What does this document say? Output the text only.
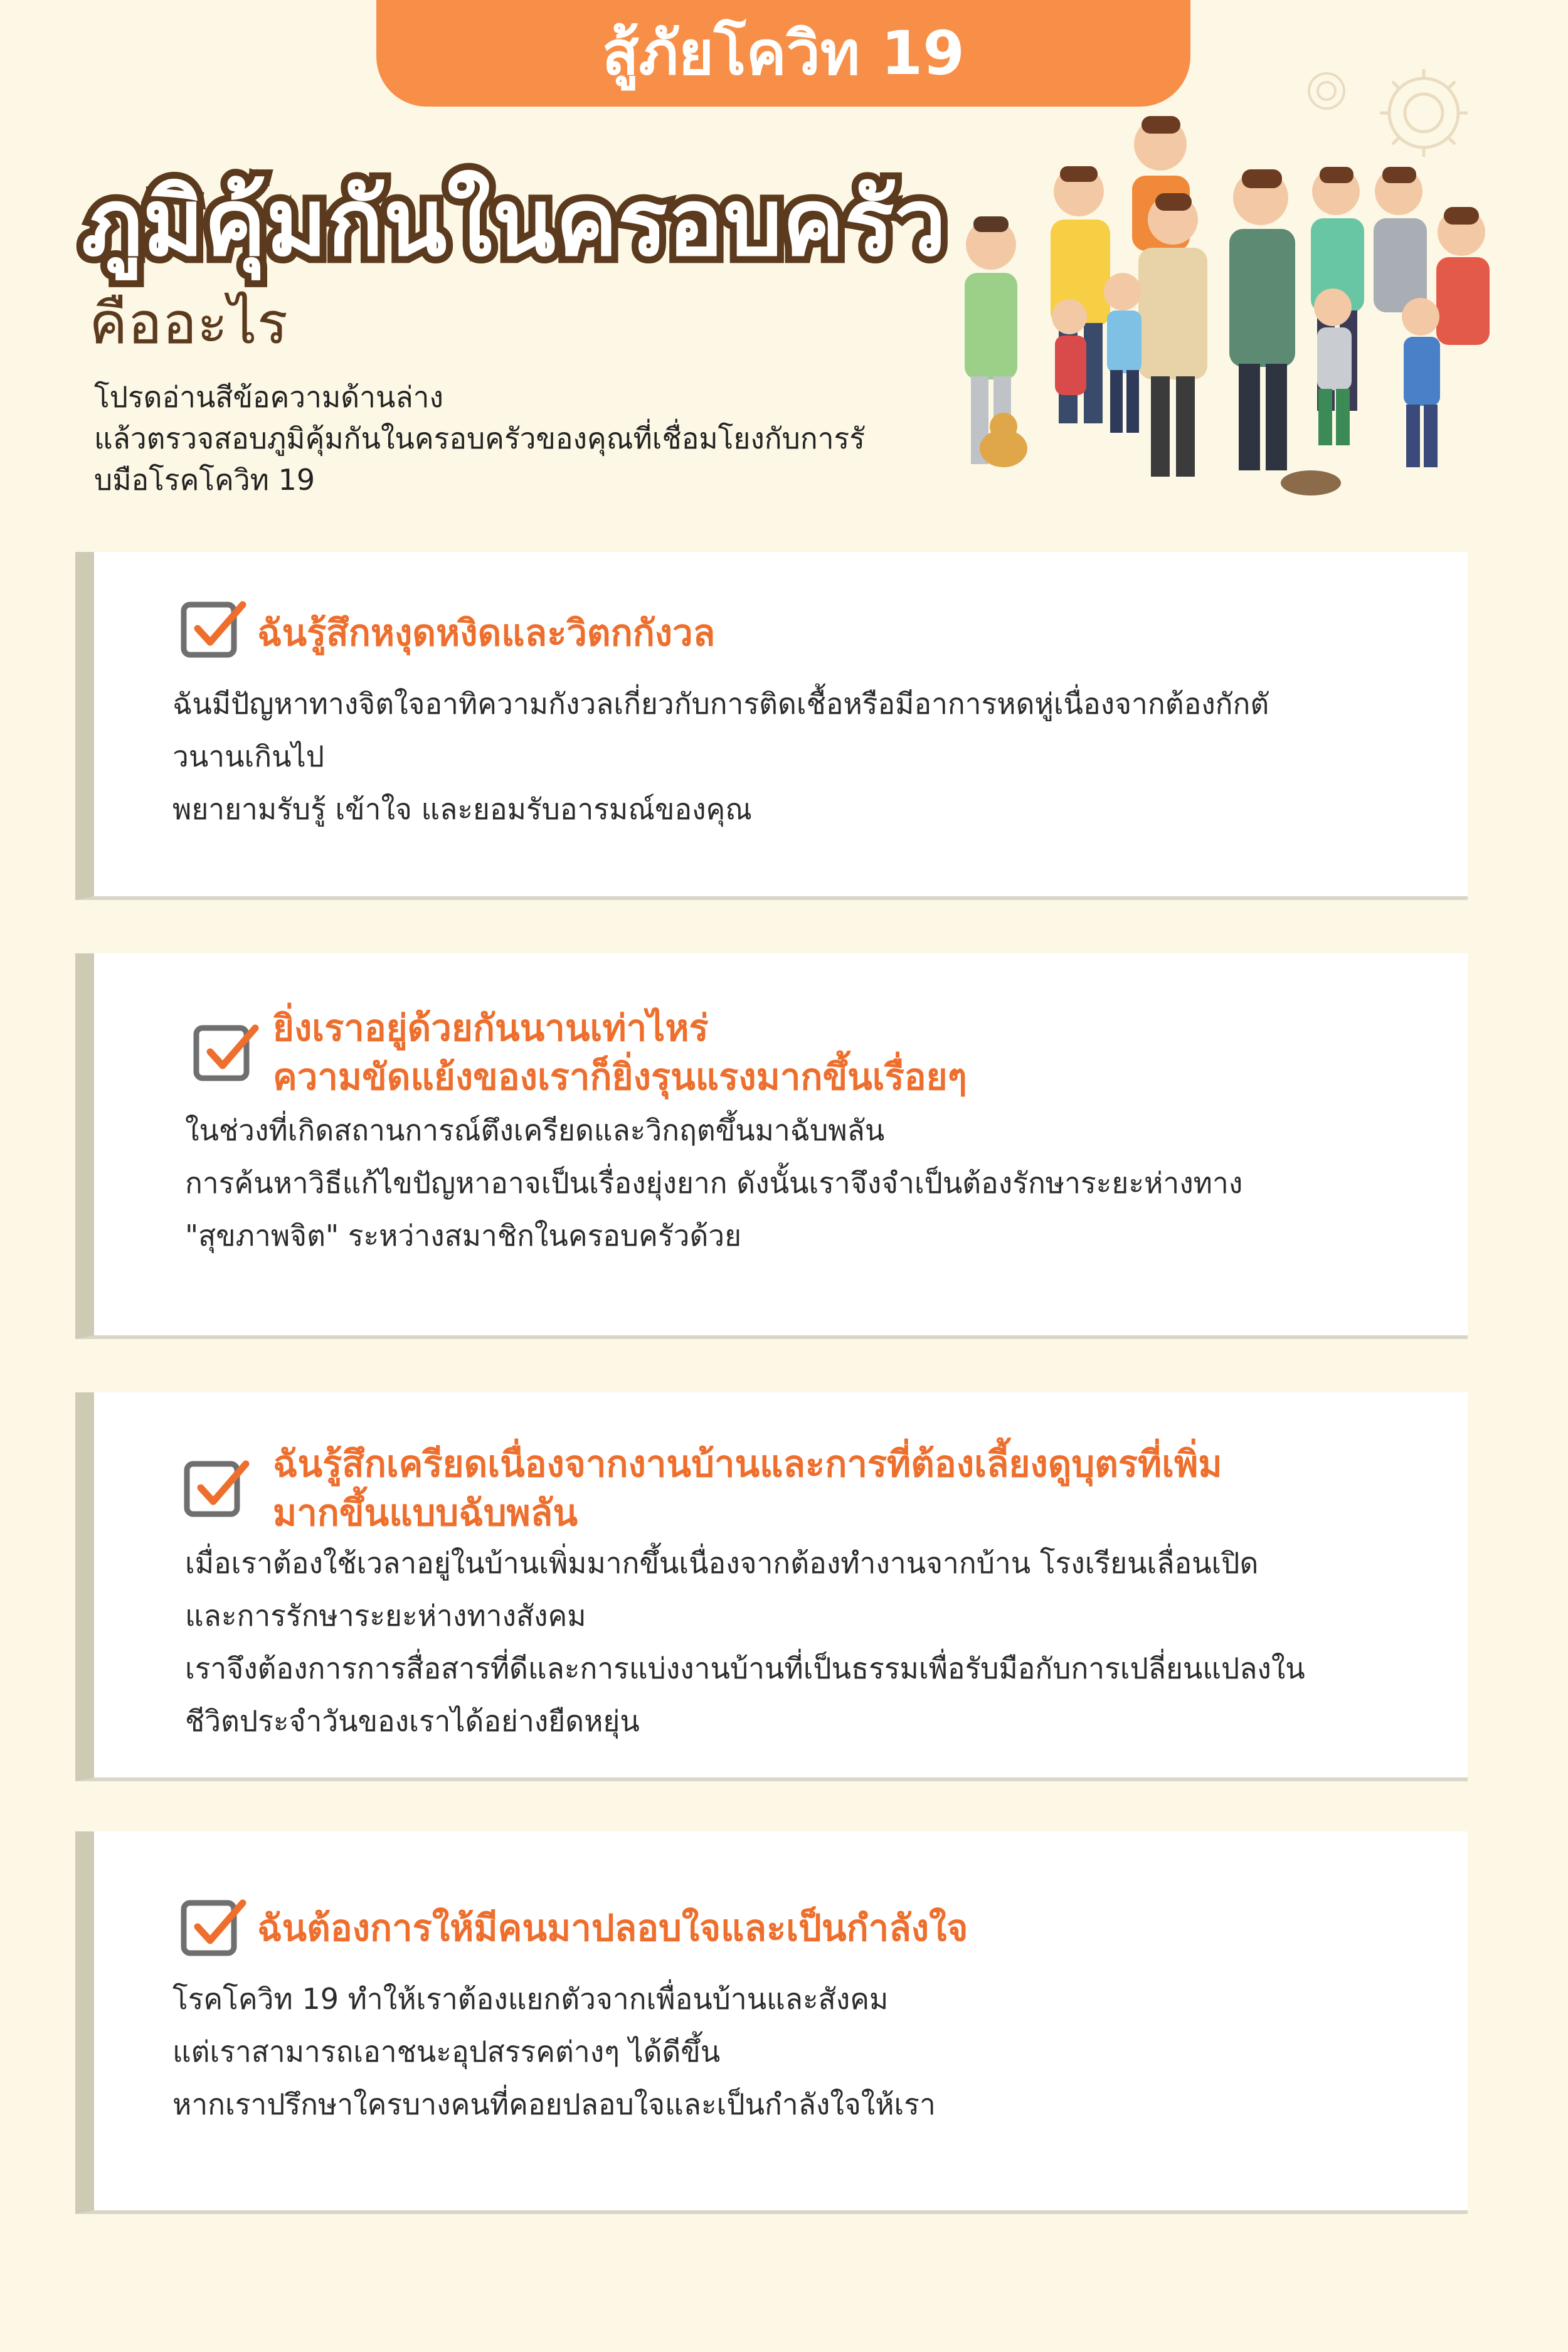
สู้ภัยโควิท 19
ภูมิคุ้มกันในครอบครัว
คืออะไร
โปรดอ่านสีข้อความด้านล่าง
แล้วตรวจสอบภูมิคุ้มกันในครอบครัวของคุณที่เชื่อมโยงกับการรั
บมือโรคโควิท 19
ฉันรู้สึกหงุดหงิดและวิตกกังวล
ฉันมีปัญหาทางจิตใจอาทิความกังวลเกี่ยวกับการติดเชื้อหรือมีอาการหดหู่เนื่องจากต้องกักตั
วนานเกินไป
พยายามรับรู้ เข้าใจ และยอมรับอารมณ์ของคุณ
ยิ่งเราอยู่ด้วยกันนานเท่าไหร่
ความขัดแย้งของเราก็ยิ่งรุนแรงมากขึ้นเรื่อยๆ
ในช่วงที่เกิดสถานการณ์ตึงเครียดและวิกฤตขึ้นมาฉับพลัน
การค้นหาวิธีแก้ไขปัญหาอาจเป็นเรื่องยุ่งยาก ดังนั้นเราจึงจำเป็นต้องรักษาระยะห่างทาง
"สุขภาพจิต" ระหว่างสมาชิกในครอบครัวด้วย
ฉันรู้สึกเครียดเนื่องจากงานบ้านและการที่ต้องเลี้ยงดูบุตรที่เพิ่ม
มากขึ้นแบบฉับพลัน
เมื่อเราต้องใช้เวลาอยู่ในบ้านเพิ่มมากขึ้นเนื่องจากต้องทำงานจากบ้าน โรงเรียนเลื่อนเปิด
และการรักษาระยะห่างทางสังคม
เราจึงต้องการการสื่อสารที่ดีและการแบ่งงานบ้านที่เป็นธรรมเพื่อรับมือกับการเปลี่ยนแปลงใน
ชีวิตประจำวันของเราได้อย่างยืดหยุ่น
ฉันต้องการให้มีคนมาปลอบใจและเป็นกำลังใจ
โรคโควิท 19 ทำให้เราต้องแยกตัวจากเพื่อนบ้านและสังคม
แต่เราสามารถเอาชนะอุปสรรคต่างๆ ได้ดีขึ้น
หากเราปรึกษาใครบางคนที่คอยปลอบใจและเป็นกำลังใจให้เรา
